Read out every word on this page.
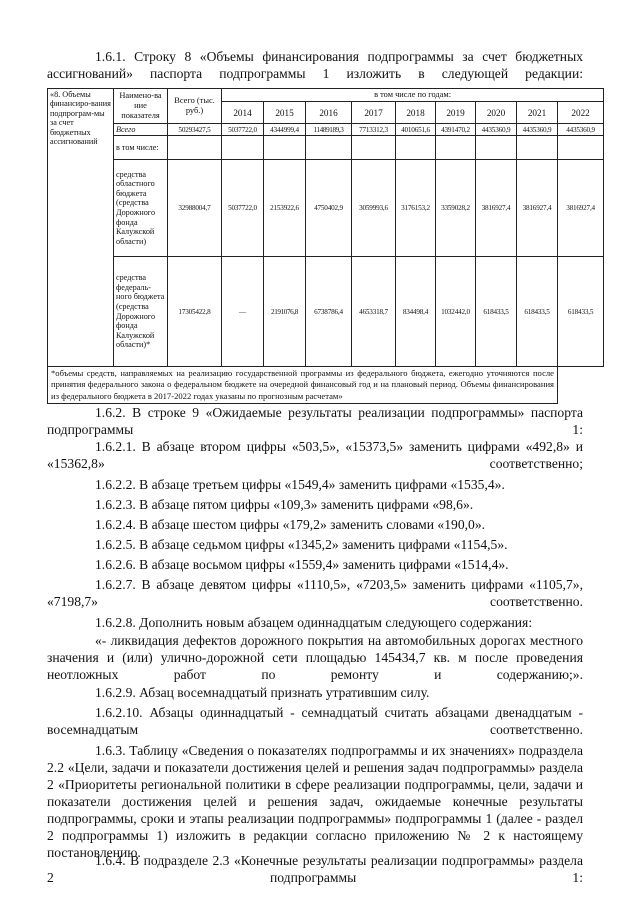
1.6.1. Строку 8 «Объемы финансирования подпрограммы за счет бюджетных ассигнований» паспорта подпрограммы 1 изложить в следующей редакции:

«8. Объемы финансиро-вания подпрограм-мы за счет бюджетных ассигнований	Наимено-ва ние показателя	Всего (тыс. руб.)	в том числе по годам:								
			2014	2015	2016	2017	2018	2019	2020	2021	2022
	Всего	50293427,5	5037722,0	4344999,4	11489189,3	7713312,3	4010651,6	4391470,2	4435360,9	4435360,9	4435360,9
	в том числе:										
	средства областного бюджета (средства Дорожного фонда Калужской области)	32988004,7	5037722,0	2153922,6	4750402,9	3059993,6	3176153,2	3359028,2	3816927,4	3816927,4	3816927,4
	средства федераль-ного бюджета (средства Дорожного фонда Калужской области)*	17305422,8	—	2191076,8	6738786,4	4653318,7	834498,4	1032442,0	618433,5	618433,5	618433,5
*объемы средств, направляемых на реализацию государственной программы из федерального бюджета, ежегодно уточняются после принятия федерального закона о федеральном бюджете на очередной финансовый год и на плановый период. Объемы финансирования из федерального бюджета в 2017-2022 годах указаны по прогнозным расчетам»											

1.6.2. В строке 9 «Ожидаемые результаты реализации подпрограммы» паспорта подпрограммы 1:

1.6.2.1. В абзаце втором цифры «503,5», «15373,5» заменить цифрами «492,8» и «15362,8» соответственно;

1.6.2.2. В абзаце третьем цифры «1549,4» заменить цифрами «1535,4».

1.6.2.3. В абзаце пятом цифры «109,3» заменить цифрами «98,6».

1.6.2.4. В абзаце шестом цифры «179,2» заменить словами «190,0».

1.6.2.5. В абзаце седьмом цифры «1345,2» заменить цифрами «1154,5».

1.6.2.6. В абзаце восьмом цифры «1559,4» заменить цифрами «1514,4».

1.6.2.7. В абзаце девятом цифры «1110,5», «7203,5» заменить цифрами «1105,7», «7198,7» соответственно.

1.6.2.8. Дополнить новым абзацем одиннадцатым следующего содержания:

«- ликвидация дефектов дорожного покрытия на автомобильных дорогах местного значения и (или) улично-дорожной сети площадью 145434,7 кв. м после проведения неотложных работ по ремонту и содержанию;».

1.6.2.9. Абзац восемнадцатый признать утратившим силу.

1.6.2.10. Абзацы одиннадцатый - семнадцатый считать абзацами двенадцатым - восемнадцатым соответственно.

1.6.3. Таблицу «Сведения о показателях подпрограммы и их значениях» подраздела 2.2 «Цели, задачи и показатели достижения целей и решения задач подпрограммы» раздела 2 «Приоритеты региональной политики в сфере реализации подпрограммы, цели, задачи и показатели достижения целей и решения задач, ожидаемые конечные результаты подпрограммы, сроки и этапы реализации подпрограммы» подпрограммы 1 (далее - раздел 2 подпрограммы 1) изложить в редакции согласно приложению № 2 к настоящему постановлению.

1.6.4. В подразделе 2.3 «Конечные результаты реализации подпрограммы» раздела 2 подпрограммы 1:
